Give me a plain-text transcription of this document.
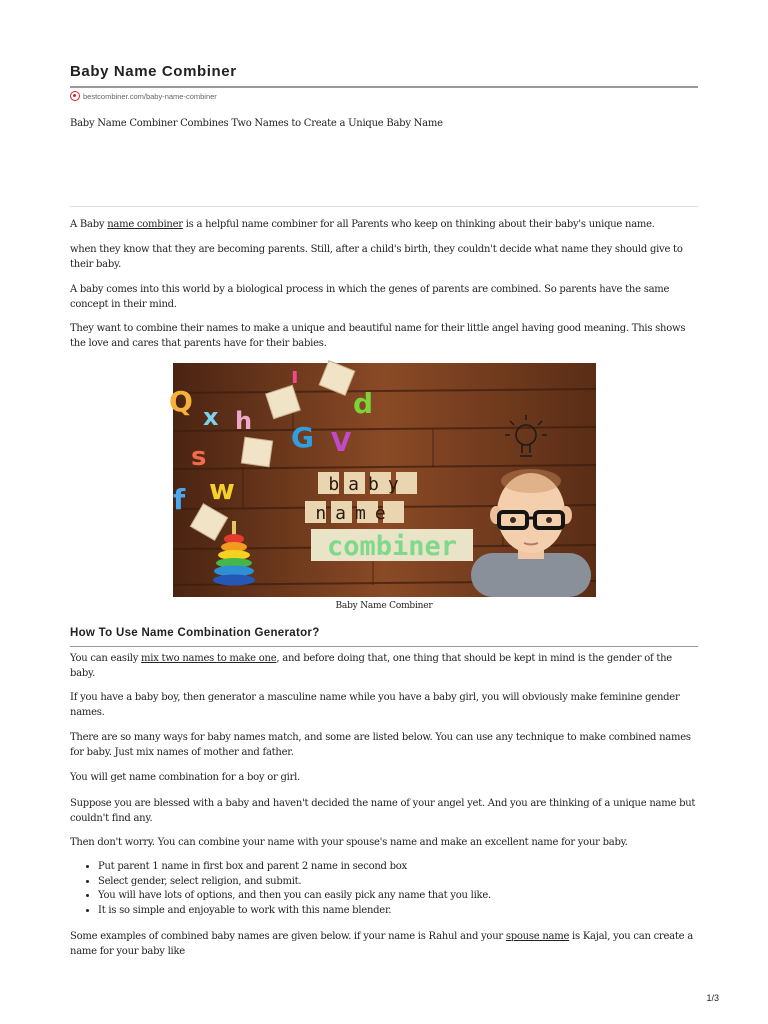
Baby Name Combiner
bestcombiner.com/baby-name-combiner
Baby Name Combiner Combines Two Names to Create a Unique Baby Name

A Baby name combiner is a helpful name combiner for all Parents who keep on thinking about their baby's unique name.

when they know that they are becoming parents. Still, after a child's birth, they couldn't decide what name they should give to their baby.

A baby comes into this world by a biological process in which the genes of parents are combined. So parents have the same concept in their mind.

They want to combine their names to make a unique and beautiful name for their little angel having good meaning. This shows the love and cares that parents have for their babies.

Q x h
s
G V
d
w
f
ı
baby
name
combiner
Baby Name Combiner
How To Use Name Combination Generator?

You can easily mix two names to make one, and before doing that, one thing that should be kept in mind is the gender of the baby.

If you have a baby boy, then generator a masculine name while you have a baby girl, you will obviously make feminine gender names.

There are so many ways for baby names match, and some are listed below. You can use any technique to make combined names for baby. Just mix names of mother and father.

You will get name combination for a boy or girl.

Suppose you are blessed with a baby and haven't decided the name of your angel yet. And you are thinking of a unique name but couldn't find any.

Then don't worry. You can combine your name with your spouse's name and make an excellent name for your baby.

• Put parent 1 name in first box and parent 2 name in second box
• Select gender, select religion, and submit.
• You will have lots of options, and then you can easily pick any name that you like.
• It is so simple and enjoyable to work with this name blender.

Some examples of combined baby names are given below. if your name is Rahul and your spouse name is Kajal, you can create a name for your baby like

1/3
